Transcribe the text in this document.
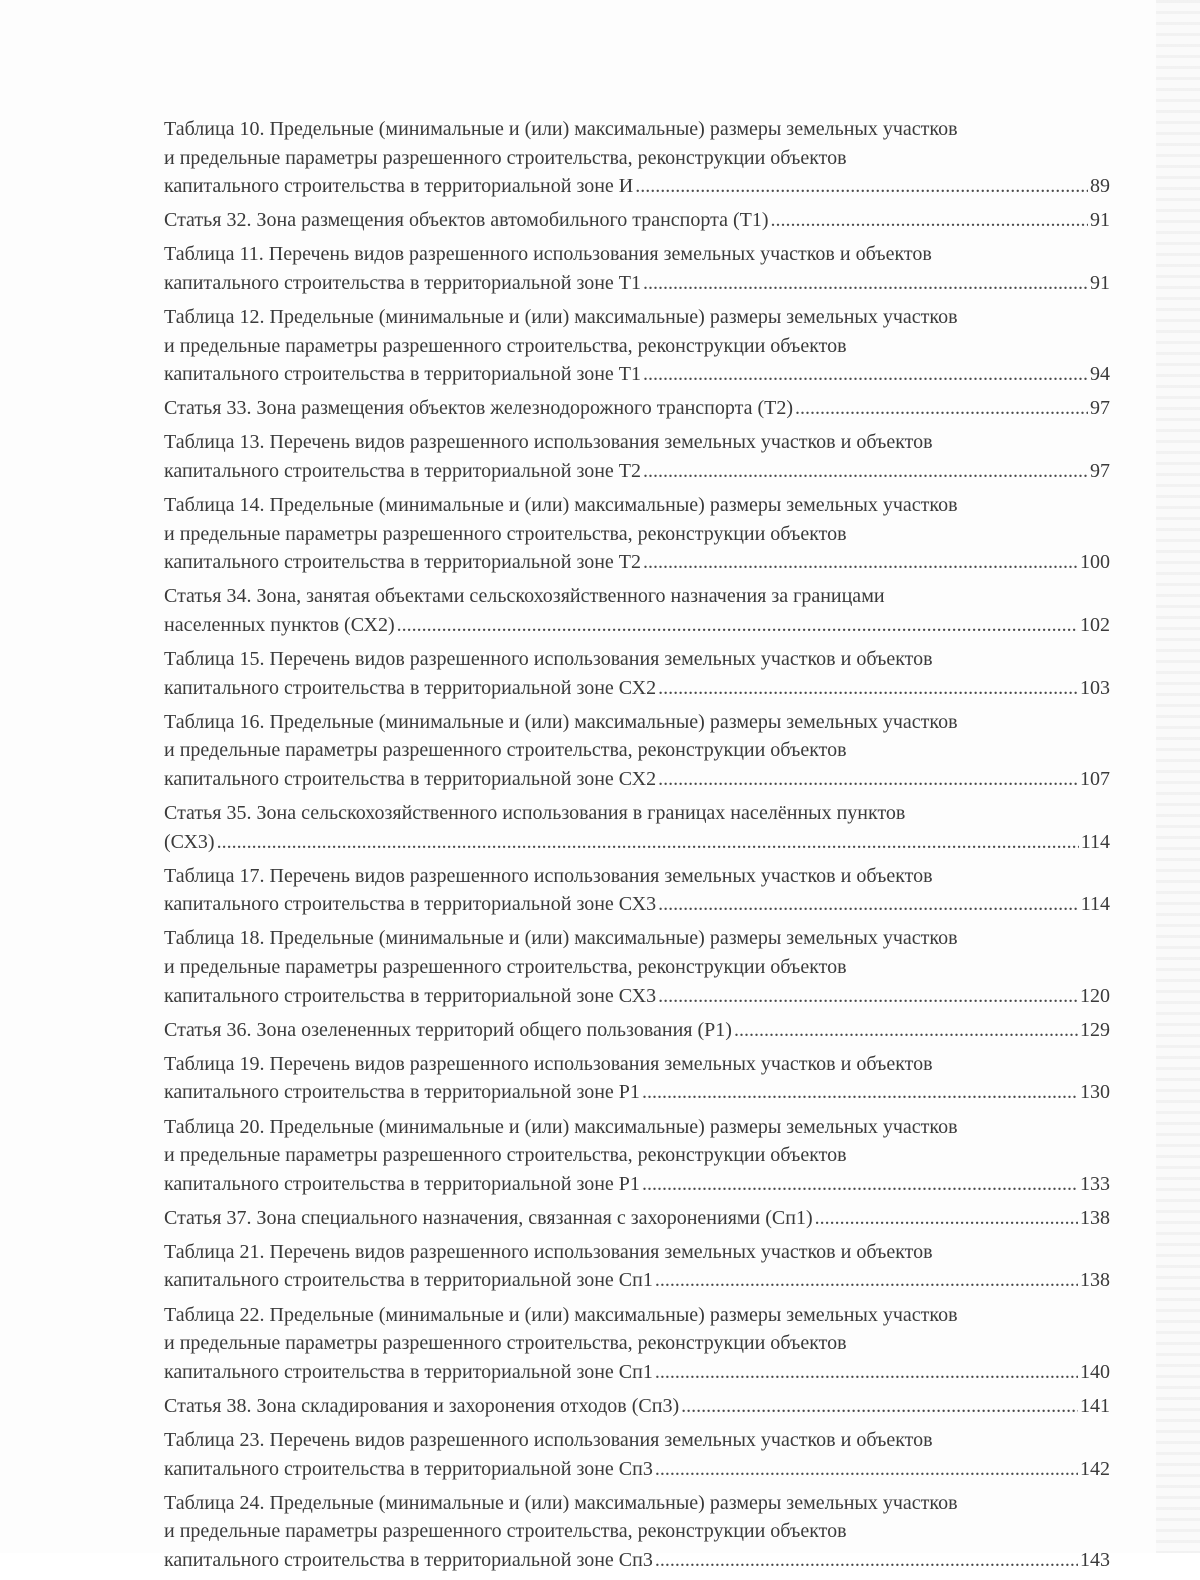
Таблица 10. Предельные (минимальные и (или) максимальные) размеры земельных участков
и предельные параметры разрешенного строительства, реконструкции объектов
капитального строительства в территориальной зоне И .....	89
Статья 32. Зона размещения объектов автомобильного транспорта (Т1) .....	91
Таблица 11. Перечень видов разрешенного использования земельных участков и объектов
капитального строительства в территориальной зоне Т1 .....	91
Таблица 12. Предельные (минимальные и (или) максимальные) размеры земельных участков
и предельные параметры разрешенного строительства, реконструкции объектов
капитального строительства в территориальной зоне Т1 .....	94
Статья 33. Зона размещения объектов железнодорожного транспорта (Т2) .....	97
Таблица 13. Перечень видов разрешенного использования земельных участков и объектов
капитального строительства в территориальной зоне Т2 .....	97
Таблица 14. Предельные (минимальные и (или) максимальные) размеры земельных участков
и предельные параметры разрешенного строительства, реконструкции объектов
капитального строительства в территориальной зоне Т2 .....	100
Статья 34. Зона, занятая объектами сельскохозяйственного назначения за границами
населенных пунктов (СХ2) .....	102
Таблица 15. Перечень видов разрешенного использования земельных участков и объектов
капитального строительства в территориальной зоне СХ2 .....	103
Таблица 16. Предельные (минимальные и (или) максимальные) размеры земельных участков
и предельные параметры разрешенного строительства, реконструкции объектов
капитального строительства в территориальной зоне СХ2 .....	107
Статья 35. Зона сельскохозяйственного использования в границах населённых пунктов
(СХ3) .....	114
Таблица 17. Перечень видов разрешенного использования земельных участков и объектов
капитального строительства в территориальной зоне СХ3 .....	114
Таблица 18. Предельные (минимальные и (или) максимальные) размеры земельных участков
и предельные параметры разрешенного строительства, реконструкции объектов
капитального строительства в территориальной зоне СХ3 .....	120
Статья 36. Зона озелененных территорий общего пользования (Р1) .....	129
Таблица 19. Перечень видов разрешенного использования земельных участков и объектов
капитального строительства в территориальной зоне Р1 .....	130
Таблица 20. Предельные (минимальные и (или) максимальные) размеры земельных участков
и предельные параметры разрешенного строительства, реконструкции объектов
капитального строительства в территориальной зоне Р1 .....	133
Статья 37. Зона специального назначения, связанная с захоронениями (Сп1) .....	138
Таблица 21. Перечень видов разрешенного использования земельных участков и объектов
капитального строительства в территориальной зоне Сп1 .....	138
Таблица 22. Предельные (минимальные и (или) максимальные) размеры земельных участков
и предельные параметры разрешенного строительства, реконструкции объектов
капитального строительства в территориальной зоне Сп1 .....	140
Статья 38. Зона складирования и захоронения отходов (Сп3) .....	141
Таблица 23. Перечень видов разрешенного использования земельных участков и объектов
капитального строительства в территориальной зоне Сп3 .....	142
Таблица 24. Предельные (минимальные и (или) максимальные) размеры земельных участков
и предельные параметры разрешенного строительства, реконструкции объектов
капитального строительства в территориальной зоне Сп3 .....	143
